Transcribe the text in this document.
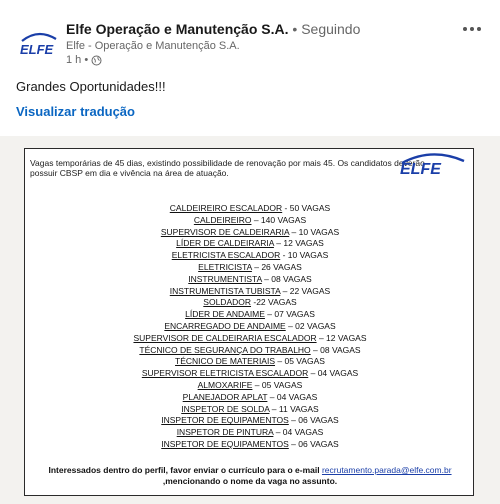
ELFE
Elfe Operação e Manutenção S.A. • Seguindo
Elfe - Operação e Manutenção S.A.
1 h •
Grandes Oportunidades!!!
Visualizar tradução
Vagas temporárias de 45 dias, existindo possibilidade de renovação por mais 45. Os candidatos deverão possuir CBSP em dia e vivência na área de atuação.	ELFE
CALDEIREIRO ESCALADOR - 50 VAGAS
CALDEIREIRO – 140 VAGAS
SUPERVISOR DE CALDEIRARIA – 10 VAGAS
LÍDER DE CALDEIRARIA – 12 VAGAS
ELETRICISTA ESCALADOR - 10 VAGAS
ELETRICISTA – 26 VAGAS
INSTRUMENTISTA – 08 VAGAS
INSTRUMENTISTA TUBISTA – 22 VAGAS
SOLDADOR -22 VAGAS
LÍDER DE ANDAIME – 07 VAGAS
ENCARREGADO DE ANDAIME – 02 VAGAS
SUPERVISOR DE CALDEIRARIA ESCALADOR – 12 VAGAS
TÉCNICO DE SEGURANÇA DO TRABALHO – 08 VAGAS
TÉCNICO DE MATERIAIS – 05 VAGAS
SUPERVISOR ELETRICISTA ESCALADOR – 04 VAGAS
ALMOXARIFE – 05 VAGAS
PLANEJADOR APLAT – 04 VAGAS
INSPETOR DE SOLDA – 11 VAGAS
INSPETOR DE EQUIPAMENTOS – 06 VAGAS
INSPETOR DE PINTURA – 04 VAGAS
INSPETOR DE EQUIPAMENTOS – 06 VAGAS
Interessados dentro do perfil, favor enviar o currículo para o e-mail recrutamento.parada@elfe.com.br
,mencionando o nome da vaga no assunto.
